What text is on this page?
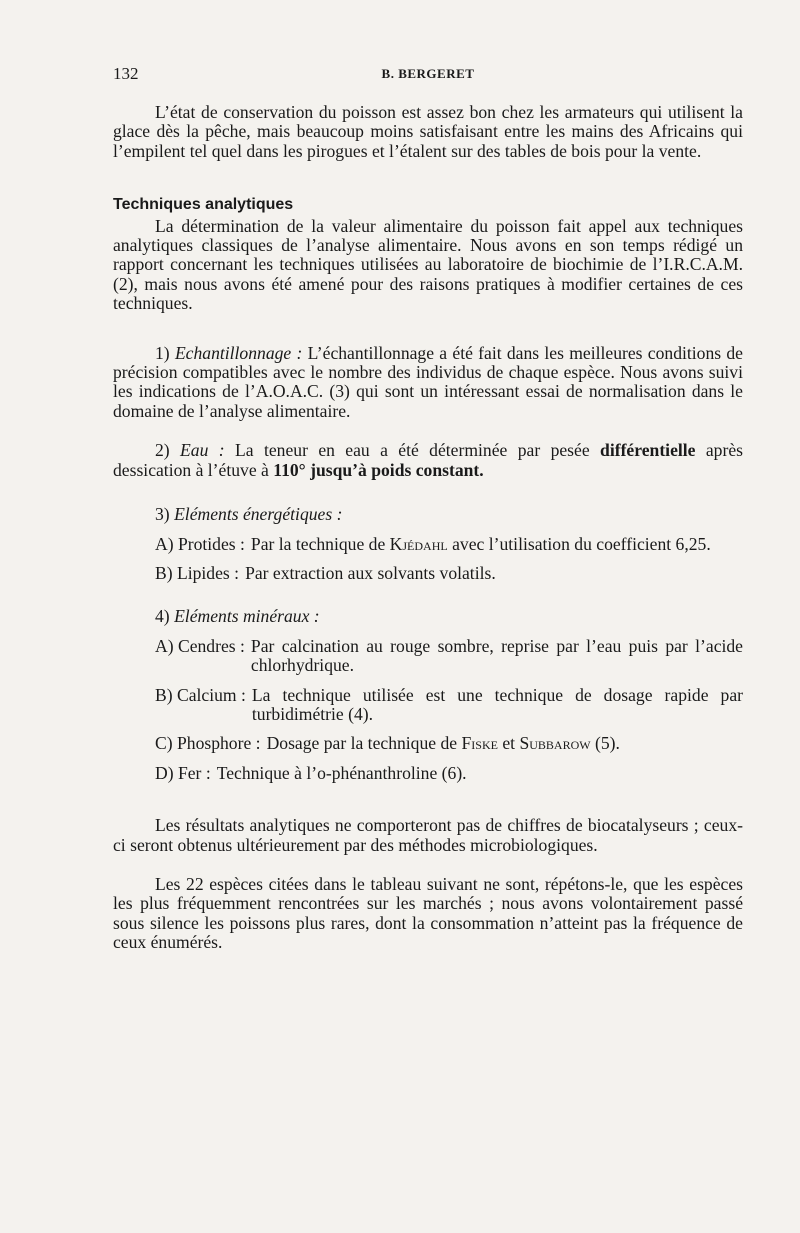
132	B. BERGERET

L’état de conservation du poisson est assez bon chez les armateurs qui utilisent la glace dès la pêche, mais beaucoup moins satisfaisant entre les mains des Africains qui l’empilent tel quel dans les pirogues et l’étalent sur des tables de bois pour la vente.

Techniques analytiques

La détermination de la valeur alimentaire du poisson fait appel aux techniques analytiques classiques de l’analyse alimentaire. Nous avons en son temps rédigé un rapport concernant les techniques utilisées au laboratoire de biochimie de l’I.R.C.A.M. (2), mais nous avons été amené pour des raisons pratiques à modifier certaines de ces techniques.

1) Echantillonnage : L’échantillonnage a été fait dans les meilleures conditions de précision compatibles avec le nombre des individus de chaque espèce. Nous avons suivi les indications de l’A.O.A.C. (3) qui sont un intéressant essai de normalisation dans le domaine de l’analyse alimentaire.

2) Eau : La teneur en eau a été déterminée par pesée différentielle après dessication à l’étuve à 110° jusqu’à poids constant.

3) Eléments énergétiques :
A) Protides : Par la technique de Kjédahl avec l’utilisation du coefficient 6,25.
B) Lipides : Par extraction aux solvants volatils.
4) Eléments minéraux :
A) Cendres : Par calcination au rouge sombre, reprise par l’eau puis par l’acide chlorhydrique.
B) Calcium : La technique utilisée est une technique de dosage rapide par turbidimétrie (4).
C) Phosphore : Dosage par la technique de Fiske et Subbarow (5).
D) Fer : Technique à l’o-phénanthroline (6).

Les résultats analytiques ne comporteront pas de chiffres de biocatalyseurs ; ceux-ci seront obtenus ultérieurement par des méthodes microbiologiques.

Les 22 espèces citées dans le tableau suivant ne sont, répétons-le, que les espèces les plus fréquemment rencontrées sur les marchés ; nous avons volontairement passé sous silence les poissons plus rares, dont la consommation n’atteint pas la fréquence de ceux énumérés.
